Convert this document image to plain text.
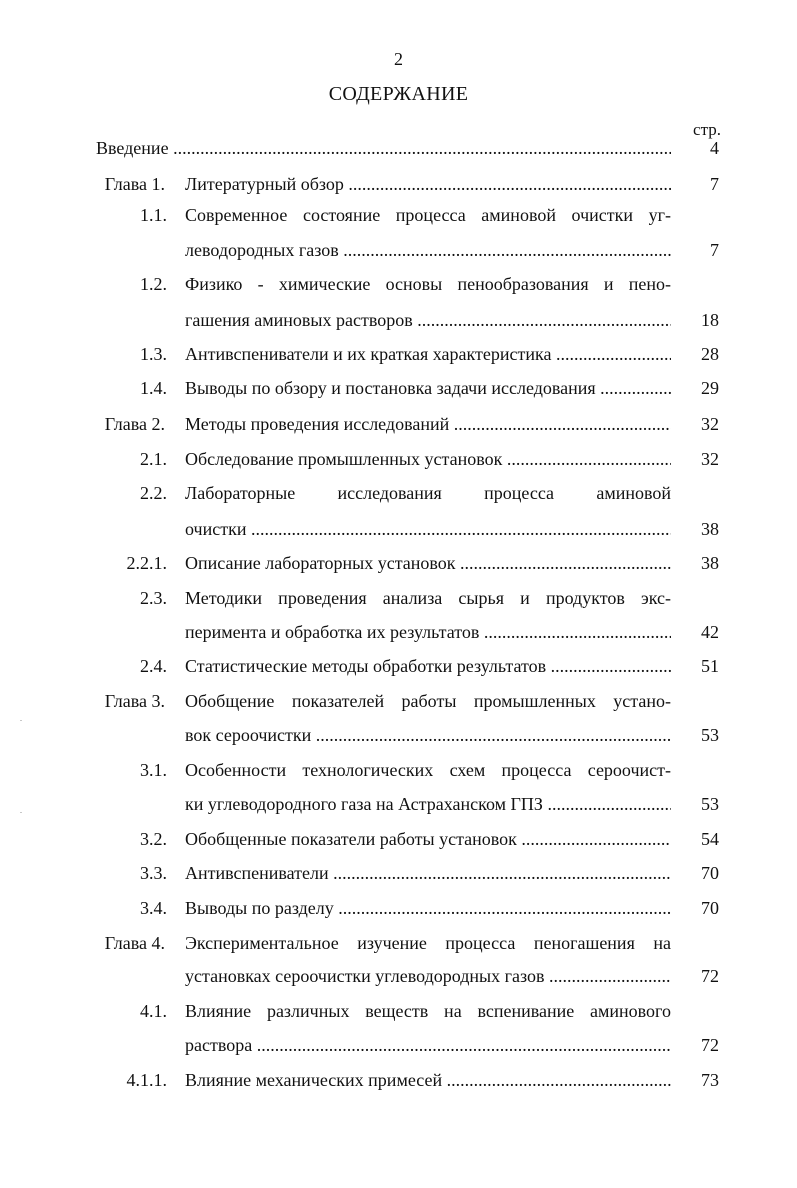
2
СОДЕРЖАНИЕ
стр.
Введение .....	4
Глава 1. Литературный обзор .....	7
1.1. Современное состояние процесса аминовой очистки уг-
леводородных газов .....	7
1.2. Физико - химические основы пенообразования и пено-
гашения аминовых растворов .....	18
1.3. Антивспениватели и их краткая характеристика .....	28
1.4. Выводы по обзору и постановка задачи исследования .....	29
Глава 2. Методы проведения исследований .....	32
2.1. Обследование промышленных установок .....	32
2.2. Лабораторные исследования процесса аминовой
очистки .....	38
2.2.1. Описание лабораторных установок .....	38
2.3. Методики проведения анализа сырья и продуктов экс-
перимента и обработка их результатов .....	42
2.4. Статистические методы обработки результатов .....	51
Глава 3. Обобщение показателей работы промышленных устано-
вок сероочистки .....	53
3.1. Особенности технологических схем процесса сероочист-
ки углеводородного газа на Астраханском ГПЗ .....	53
3.2. Обобщенные показатели работы установок .....	54
3.3. Антивспениватели .....	70
3.4. Выводы по разделу .....	70
Глава 4. Экспериментальное изучение процесса пеногашения на
установках сероочистки углеводородных газов .....	72
4.1. Влияние различных веществ на вспенивание аминового
раствора .....	72
4.1.1. Влияние механических примесей .....	73
